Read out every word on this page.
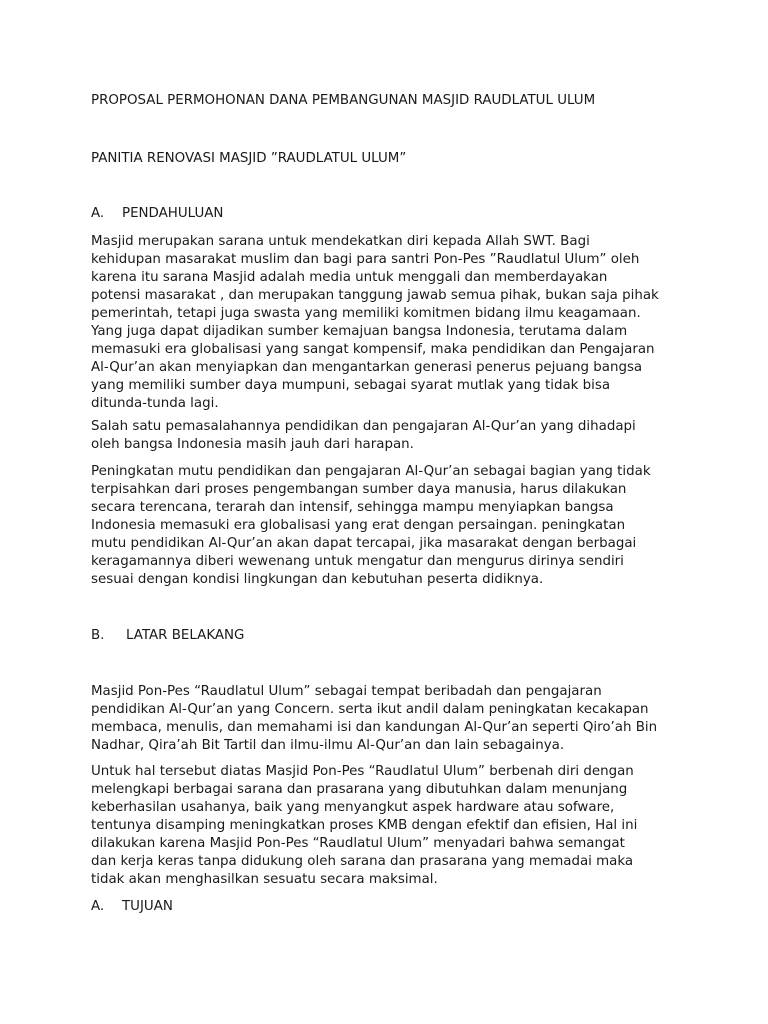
PROPOSAL PERMOHONAN DANA PEMBANGUNAN MASJID RAUDLATUL ULUM
PANITIA RENOVASI MASJID ”RAUDLATUL ULUM”
A. PENDAHULUAN
Masjid merupakan sarana untuk mendekatkan diri kepada Allah SWT. Bagi
kehidupan masarakat muslim dan bagi para santri Pon-Pes ”Raudlatul Ulum” oleh
karena itu sarana Masjid adalah media untuk menggali dan memberdayakan
potensi masarakat , dan merupakan tanggung jawab semua pihak, bukan saja pihak
pemerintah, tetapi juga swasta yang memiliki komitmen bidang ilmu keagamaan.
Yang juga dapat dijadikan sumber kemajuan bangsa Indonesia, terutama dalam
memasuki era globalisasi yang sangat kompensif, maka pendidikan dan Pengajaran
Al-Qur’an akan menyiapkan dan mengantarkan generasi penerus pejuang bangsa
yang memiliki sumber daya mumpuni, sebagai syarat mutlak yang tidak bisa
ditunda-tunda lagi.
Salah satu pemasalahannya pendidikan dan pengajaran Al-Qur’an yang dihadapi
oleh bangsa Indonesia masih jauh dari harapan.
Peningkatan mutu pendidikan dan pengajaran Al-Qur’an sebagai bagian yang tidak
terpisahkan dari proses pengembangan sumber daya manusia, harus dilakukan
secara terencana, terarah dan intensif, sehingga mampu menyiapkan bangsa
Indonesia memasuki era globalisasi yang erat dengan persaingan. peningkatan
mutu pendidikan Al-Qur’an akan dapat tercapai, jika masarakat dengan berbagai
keragamannya diberi wewenang untuk mengatur dan mengurus dirinya sendiri
sesuai dengan kondisi lingkungan dan kebutuhan peserta didiknya.
B. LATAR BELAKANG
Masjid Pon-Pes “Raudlatul Ulum” sebagai tempat beribadah dan pengajaran
pendidikan Al-Qur’an yang Concern. serta ikut andil dalam peningkatan kecakapan
membaca, menulis, dan memahami isi dan kandungan Al-Qur’an seperti Qiro’ah Bin
Nadhar, Qira’ah Bit Tartil dan ilmu-ilmu Al-Qur’an dan lain sebagainya.
Untuk hal tersebut diatas Masjid Pon-Pes “Raudlatul Ulum” berbenah diri dengan
melengkapi berbagai sarana dan prasarana yang dibutuhkan dalam menunjang
keberhasilan usahanya, baik yang menyangkut aspek hardware atau sofware,
tentunya disamping meningkatkan proses KMB dengan efektif dan efisien, Hal ini
dilakukan karena Masjid Pon-Pes “Raudlatul Ulum” menyadari bahwa semangat
dan kerja keras tanpa didukung oleh sarana dan prasarana yang memadai maka
tidak akan menghasilkan sesuatu secara maksimal.
A. TUJUAN
